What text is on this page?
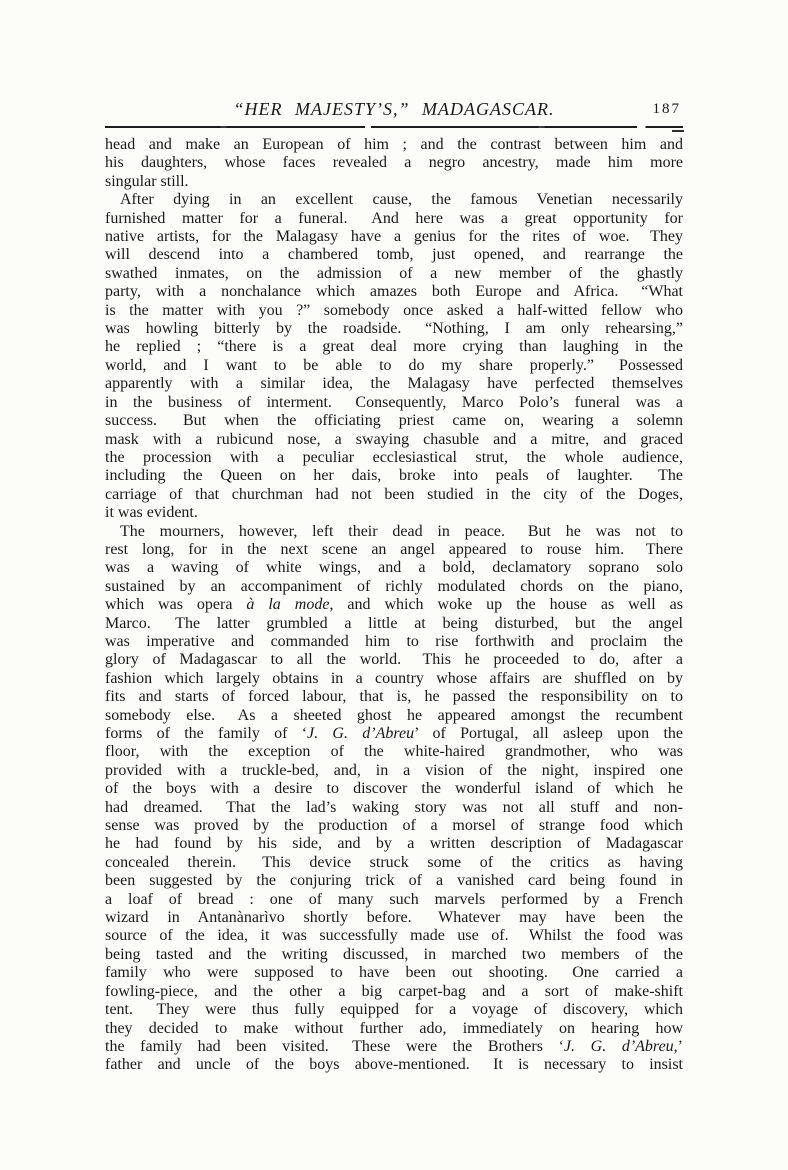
“HER MAJESTY’S,” MADAGASCAR.	187
head and make an European of him ; and the contrast between him and
his daughters, whose faces revealed a negro ancestry, made him more
singular still.
After dying in an excellent cause, the famous Venetian necessarily
furnished matter for a funeral.  And here was a great opportunity for
native artists, for the Malagasy have a genius for the rites of woe.  They
will descend into a chambered tomb, just opened, and rearrange the
swathed inmates, on the admission of a new member of the ghastly
party, with a nonchalance which amazes both Europe and Africa.  “What
is the matter with you ?” somebody once asked a half-witted fellow who
was howling bitterly by the roadside.  “Nothing, I am only rehearsing,”
he replied ; “there is a great deal more crying than laughing in the
world, and I want to be able to do my share properly.”  Possessed
apparently with a similar idea, the Malagasy have perfected themselves
in the business of interment.  Consequently, Marco Polo’s funeral was a
success.  But when the officiating priest came on, wearing a solemn
mask with a rubicund nose, a swaying chasuble and a mitre, and graced
the procession with a peculiar ecclesiastical strut, the whole audience,
including the Queen on her dais, broke into peals of laughter.  The
carriage of that churchman had not been studied in the city of the Doges,
it was evident.
The mourners, however, left their dead in peace.  But he was not to
rest long, for in the next scene an angel appeared to rouse him.  There
was a waving of white wings, and a bold, declamatory soprano solo
sustained by an accompaniment of richly modulated chords on the piano,
which was opera à la mode, and which woke up the house as well as
Marco.  The latter grumbled a little at being disturbed, but the angel
was imperative and commanded him to rise forthwith and proclaim the
glory of Madagascar to all the world.  This he proceeded to do, after a
fashion which largely obtains in a country whose affairs are shuffled on by
fits and starts of forced labour, that is, he passed the responsibility on to
somebody else.  As a sheeted ghost he appeared amongst the recumbent
forms of the family of ‘J. G. d’Abreu’ of Portugal, all asleep upon the
floor, with the exception of the white-haired grandmother, who was
provided with a truckle-bed, and, in a vision of the night, inspired one
of the boys with a desire to discover the wonderful island of which he
had dreamed.  That the lad’s waking story was not all stuff and non-
sense was proved by the production of a morsel of strange food which
he had found by his side, and by a written description of Madagascar
concealed therein.  This device struck some of the critics as having
been suggested by the conjuring trick of a vanished card being found in
a loaf of bread : one of many such marvels performed by a French
wizard in Antanànarìvo shortly before.  Whatever may have been the
source of the idea, it was successfully made use of.  Whilst the food was
being tasted and the writing discussed, in marched two members of the
family who were supposed to have been out shooting.  One carried a
fowling-piece, and the other a big carpet-bag and a sort of make-shift
tent.  They were thus fully equipped for a voyage of discovery, which
they decided to make without further ado, immediately on hearing how
the family had been visited.  These were the Brothers ‘J. G. d’Abreu,’
father and uncle of the boys above-mentioned.  It is necessary to insist
